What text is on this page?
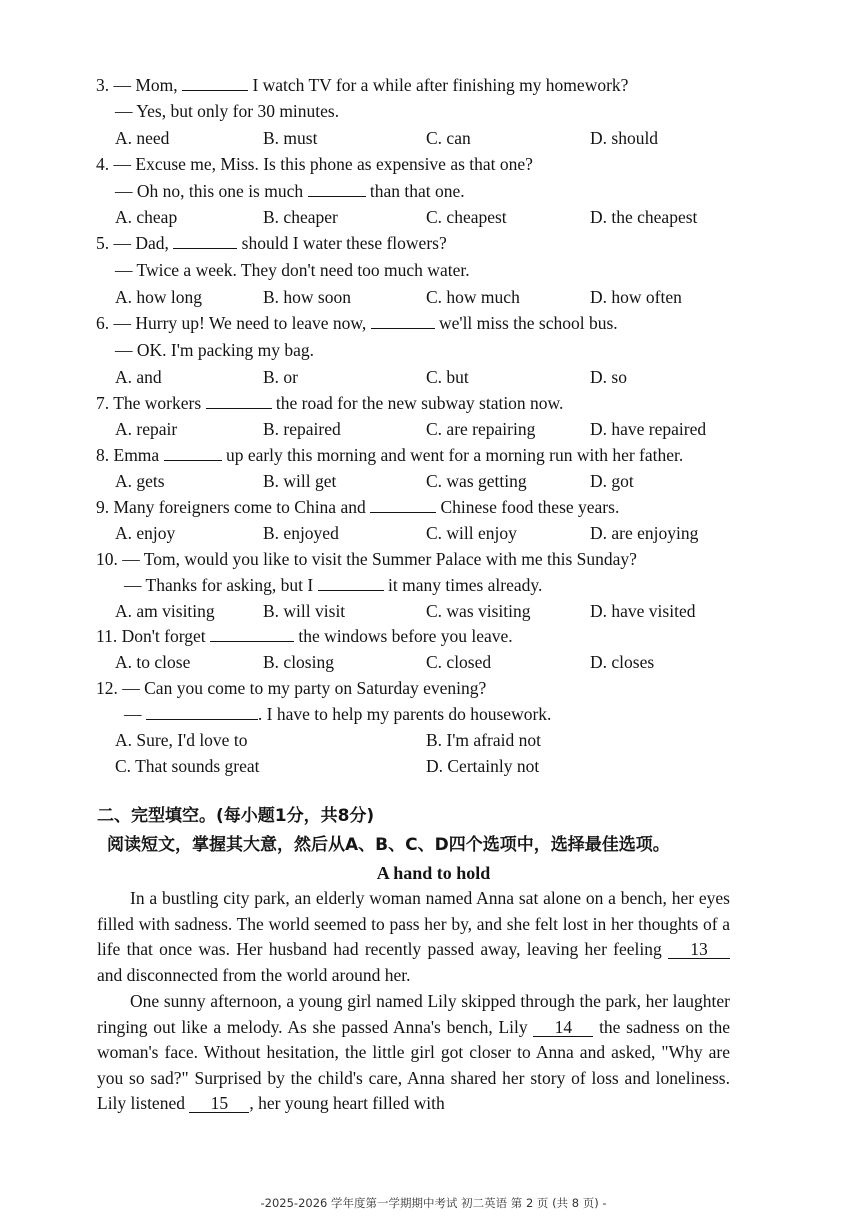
3. — Mom,	I watch TV for a while after finishing my homework?
— Yes, but only for 30 minutes.
A. need	B. must	C. can	D. should
4. — Excuse me, Miss. Is this phone as expensive as that one?
— Oh no, this one is much	than that one.
A. cheap	B. cheaper	C. cheapest	D. the cheapest
5. — Dad,	should I water these flowers?
— Twice a week. They don't need too much water.
A. how long	B. how soon	C. how much	D. how often
6. — Hurry up! We need to leave now,	we'll miss the school bus.
— OK. I'm packing my bag.
A. and	B. or	C. but	D. so
7. The workers	the road for the new subway station now.
A. repair	B. repaired	C. are repairing	D. have repaired
8. Emma	up early this morning and went for a morning run with her father.
A. gets	B. will get	C. was getting	D. got
9. Many foreigners come to China and	Chinese food these years.
A. enjoy	B. enjoyed	C. will enjoy	D. are enjoying
10. — Tom, would you like to visit the Summer Palace with me this Sunday?
— Thanks for asking, but I	it many times already.
A. am visiting	B. will visit	C. was visiting	D. have visited
11. Don't forget	the windows before you leave.
A. to close	B. closing	C. closed	D. closes
12. — Can you come to my party on Saturday evening?
—	. I have to help my parents do housework.
A. Sure, I'd love to	B. I'm afraid not
C. That sounds great	D. Certainly not
二、完型填空。(每小题1分，共8分)
阅读短文，掌握其大意，然后从A、B、C、D四个选项中，选择最佳选项。
A hand to hold
In a bustling city park, an elderly woman named Anna sat alone on a bench, her eyes filled with sadness. The world seemed to pass her by, and she felt lost in her thoughts of a life that once was. Her husband had recently passed away, leaving her feeling 13 and disconnected from the world around her.
One sunny afternoon, a young girl named Lily skipped through the park, her laughter ringing out like a melody. As she passed Anna's bench, Lily 14 the sadness on the woman's face. Without hesitation, the little girl got closer to Anna and asked, "Why are you so sad?" Surprised by the child's care, Anna shared her story of loss and loneliness. Lily listened 15 , her young heart filled with
-2025-2026 学年度第一学期期中考试 初二英语 第 2 页 (共 8 页) -
